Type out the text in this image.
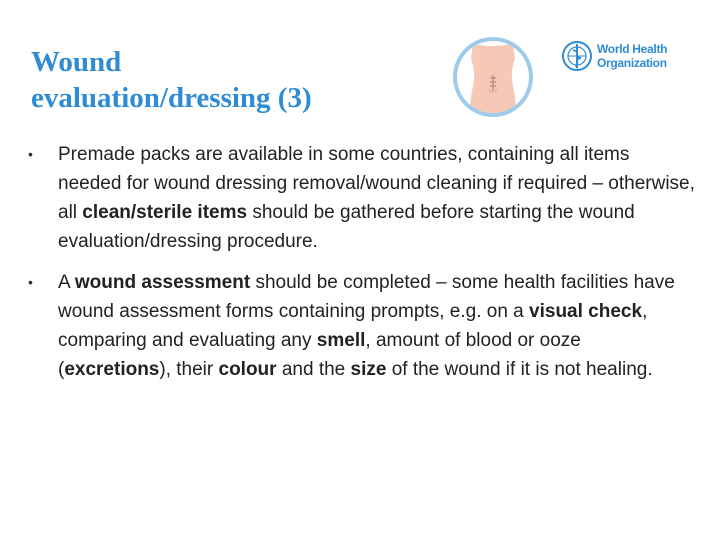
Wound
evaluation/dressing (3)
World Health
Organization
•	Premade packs are available in some countries, containing all items needed for wound dressing removal/wound cleaning if required – otherwise, all clean/sterile items should be gathered before starting the wound evaluation/dressing procedure.
•	A wound assessment should be completed – some health facilities have wound assessment forms containing prompts, e.g. on a visual check, comparing and evaluating any smell, amount of blood or ooze (excretions), their colour and the size of the wound if it is not healing.
